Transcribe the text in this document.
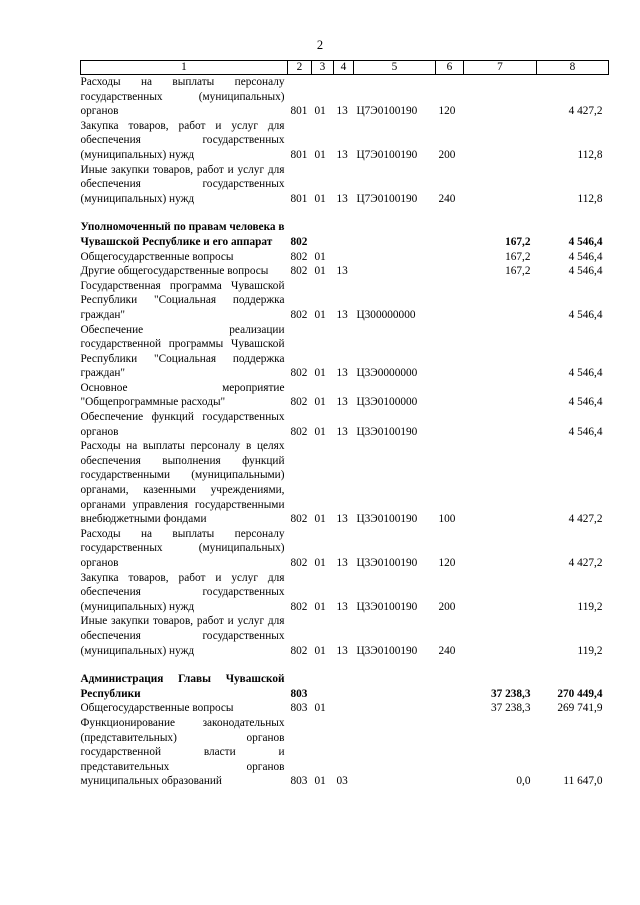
2
1	2	3	4	5	6	7	8
Расходы на выплаты персоналу государственных (муниципальных) органов	801	01	13	Ц7Э0100190	120		4 427,2
Закупка товаров, работ и услуг для обеспечения государственных (муниципальных) нужд	801	01	13	Ц7Э0100190	200		112,8
Иные закупки товаров, работ и услуг для обеспечения государственных (муниципальных) нужд	801	01	13	Ц7Э0100190	240		112,8

Уполномоченный по правам человека в Чувашской Республике и его аппарат	802					167,2	4 546,4
Общегосударственные вопросы	802	01				167,2	4 546,4
Другие общегосударственные вопросы	802	01	13			167,2	4 546,4
Государственная программа Чувашской Республики "Социальная поддержка граждан"	802	01	13	Ц300000000			4 546,4
Обеспечение реализации государственной программы Чувашской Республики "Социальная поддержка граждан"	802	01	13	Ц3Э0000000			4 546,4
Основное мероприятие "Общепрограммные расходы"	802	01	13	Ц3Э0100000			4 546,4
Обеспечение функций государственных органов	802	01	13	Ц3Э0100190			4 546,4
Расходы на выплаты персоналу в целях обеспечения выполнения функций государственными (муниципальными) органами, казенными учреждениями, органами управления государственными внебюджетными фондами	802	01	13	Ц3Э0100190	100		4 427,2
Расходы на выплаты персоналу государственных (муниципальных) органов	802	01	13	Ц3Э0100190	120		4 427,2
Закупка товаров, работ и услуг для обеспечения государственных (муниципальных) нужд	802	01	13	Ц3Э0100190	200		119,2
Иные закупки товаров, работ и услуг для обеспечения государственных (муниципальных) нужд	802	01	13	Ц3Э0100190	240		119,2

Администрация Главы Чувашской Республики	803					37 238,3	270 449,4
Общегосударственные вопросы	803	01				37 238,3	269 741,9
Функционирование законодательных (представительных) органов государственной власти и представительных органов муниципальных образований	803	01	03			0,0	11 647,0
